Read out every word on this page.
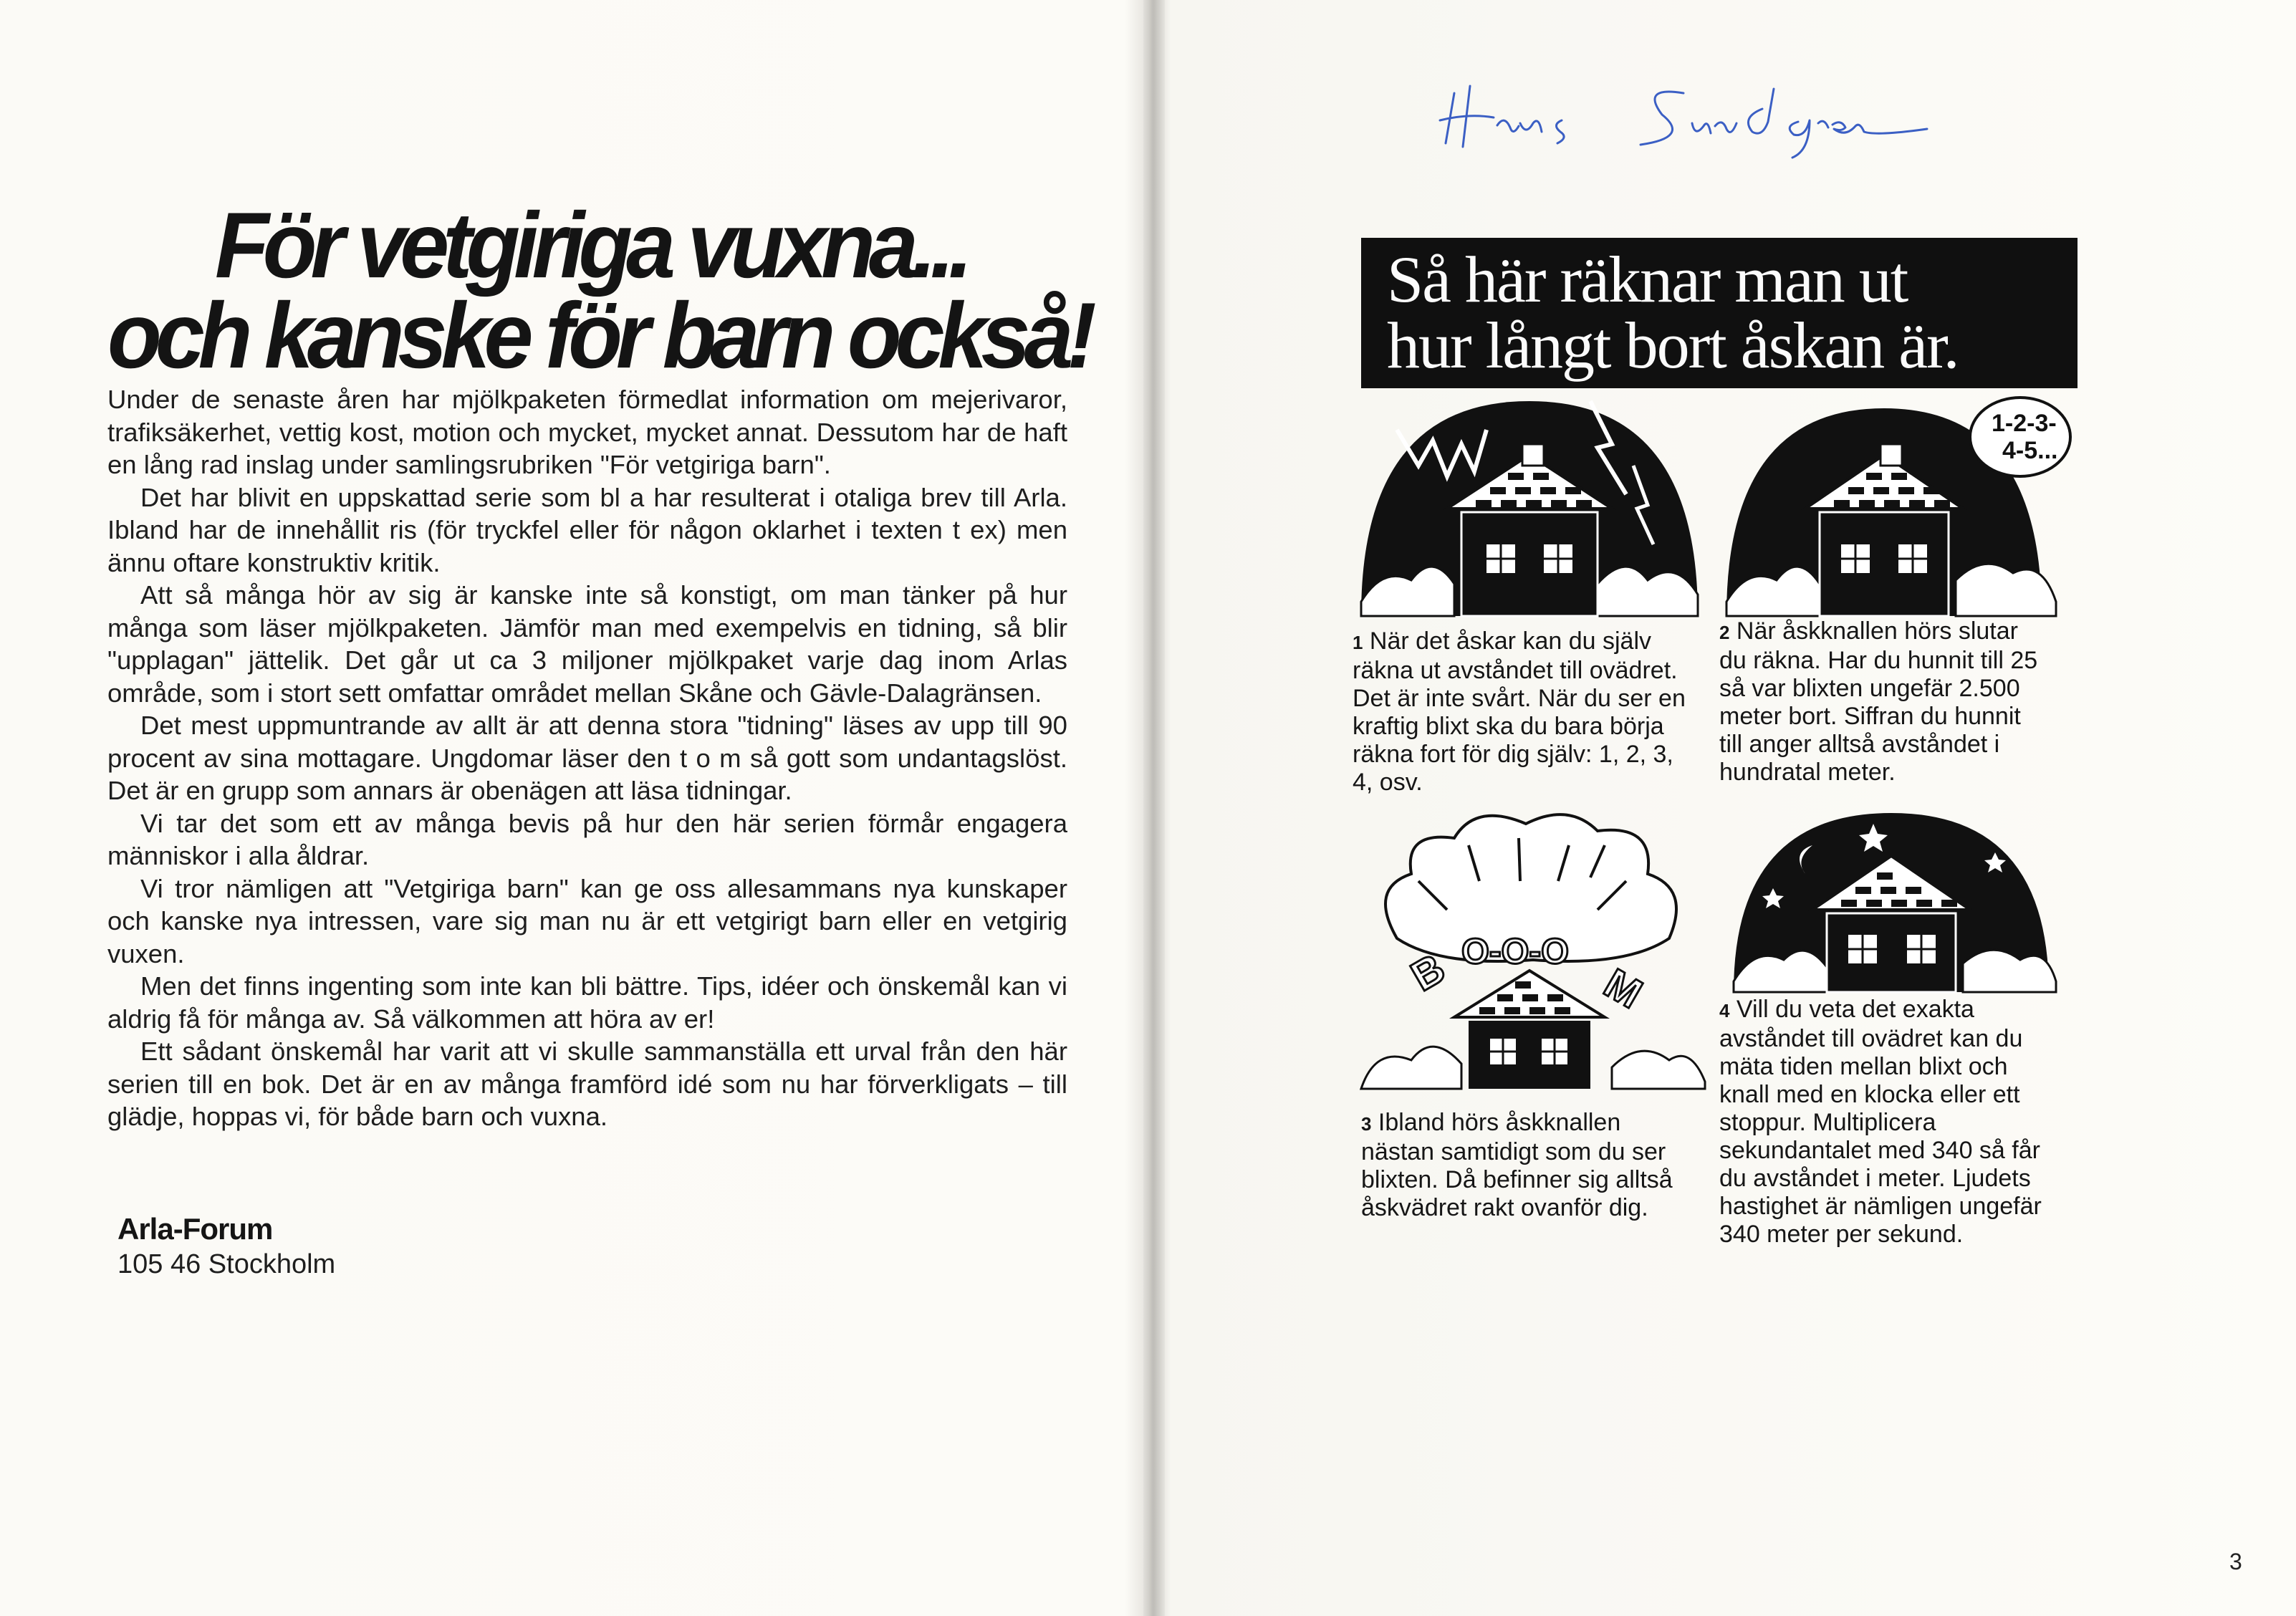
För vetgiriga vuxna...
och kanske för barn också!

Under de senaste åren har mjölkpaketen förmedlat information om mejerivaror, trafiksäkerhet, vettig kost, motion och mycket, mycket annat. Dessutom har de haft en lång rad inslag under samlingsrubriken "För vetgiriga barn".

Det har blivit en uppskattad serie som bl a har resulterat i otaliga brev till Arla. Ibland har de innehållit ris (för tryckfel eller för någon oklarhet i texten t ex) men ännu oftare konstruktiv kritik.

Att så många hör av sig är kanske inte så konstigt, om man tänker på hur många som läser mjölkpaketen. Jämför man med exempelvis en tidning, så blir "upplagan" jättelik. Det går ut ca 3 miljoner mjölkpaket varje dag inom Arlas område, som i stort sett omfattar området mellan Skåne och Gävle-Dalagränsen.

Det mest uppmuntrande av allt är att denna stora "tidning" läses av upp till 90 procent av sina mottagare. Ungdomar läser den t o m så gott som undantagslöst. Det är en grupp som annars är obenägen att läsa tidningar.

Vi tar det som ett av många bevis på hur den här serien förmår engagera människor i alla åldrar.

Vi tror nämligen att "Vetgiriga barn" kan ge oss allesammans nya kunskaper och kanske nya intressen, vare sig man nu är ett vetgirigt barn eller en vetgirig vuxen.

Men det finns ingenting som inte kan bli bättre. Tips, idéer och önskemål kan vi aldrig få för många av. Så välkommen att höra av er!

Ett sådant önskemål har varit att vi skulle sammanställa ett urval från den här serien till en bok. Det är en av många framförd idé som nu har förverkligats – till glädje, hoppas vi, för både barn och vuxna.

Arla-Forum

105 46 Stockholm

Så här räknar man ut
hur långt bort åskan är.
1-2-3-
4-5...
B O-O-O
M

1 När det åskar kan du själv räkna ut avståndet till ovädret. Det är inte svårt. När du ser en kraftig blixt ska du bara börja räkna fort för dig själv: 1, 2, 3, 4, osv.

2 När åskknallen hörs slutar du räkna. Har du hunnit till 25 så var blixten ungefär 2.500 meter bort. Siffran du hunnit till anger alltså avståndet i hundratal meter.

3 Ibland hörs åskknallen nästan samtidigt som du ser blixten. Då befinner sig alltså åskvädret rakt ovanför dig.

4 Vill du veta det exakta avståndet till ovädret kan du mäta tiden mellan blixt och knall med en klocka eller ett stoppur. Multiplicera sekundantalet med 340 så får du avståndet i meter. Ljudets hastighet är nämligen ungefär 340 meter per sekund.

3
